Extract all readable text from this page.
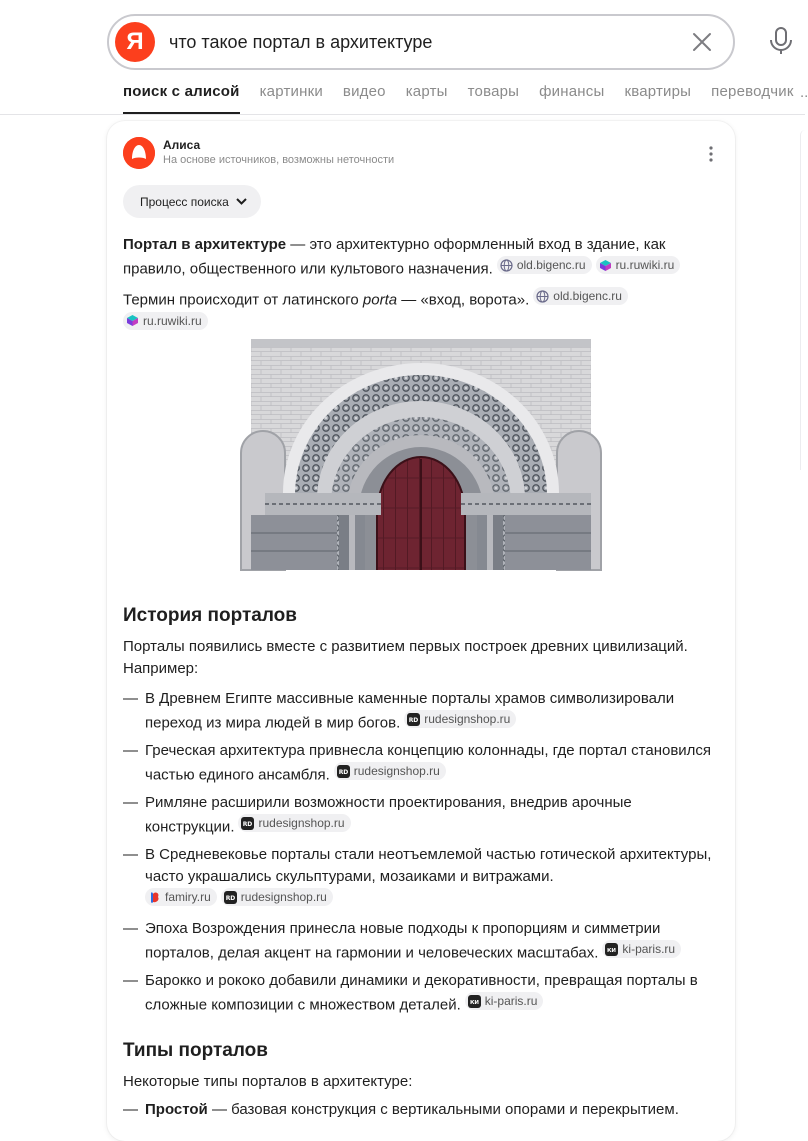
Я	что такое портал в архитектуре
поиск с алисой картинки видео карты товары финансы квартиры переводчик ..
Алиса
На основе источников, возможны неточности
Процесс поиска
Портал в архитектуре — это архитектурно оформленный вход в здание, как правило, общественного или культового назначения. old.bigenc.ru	ru.ruwiki.ru
Термин происходит от латинского porta — «вход, ворота». old.bigenc.ru

ru.ruwiki.ru
История порталов
Порталы появились вместе с развитием первых построек древних цивилизаций. Например:
— В Древнем Египте массивные каменные порталы храмов символизировали переход из мира людей в мир богов. RD rudesignshop.ru
— Греческая архитектура привнесла концепцию колоннады, где портал становился частью единого ансамбля. RD rudesignshop.ru
— Римляне расширили возможности проектирования, внедрив арочные конструкции. RD rudesignshop.ru
— В Средневековье порталы стали неотъемлемой частью готической архитектуры, часто украшались скульптурами, мозаиками и витражами.

famiry.ru RD rudesignshop.ru
— Эпоха Возрождения принесла новые подходы к пропорциям и симметрии порталов, делая акцент на гармонии и человеческих масштабах. КИ ki-paris.ru
— Барокко и рококо добавили динамики и декоративности, превращая порталы в сложные композиции с множеством деталей. КИ ki-paris.ru
Типы порталов
Некоторые типы порталов в архитектуре:
— Простой — базовая конструкция с вертикальными опорами и перекрытием.
